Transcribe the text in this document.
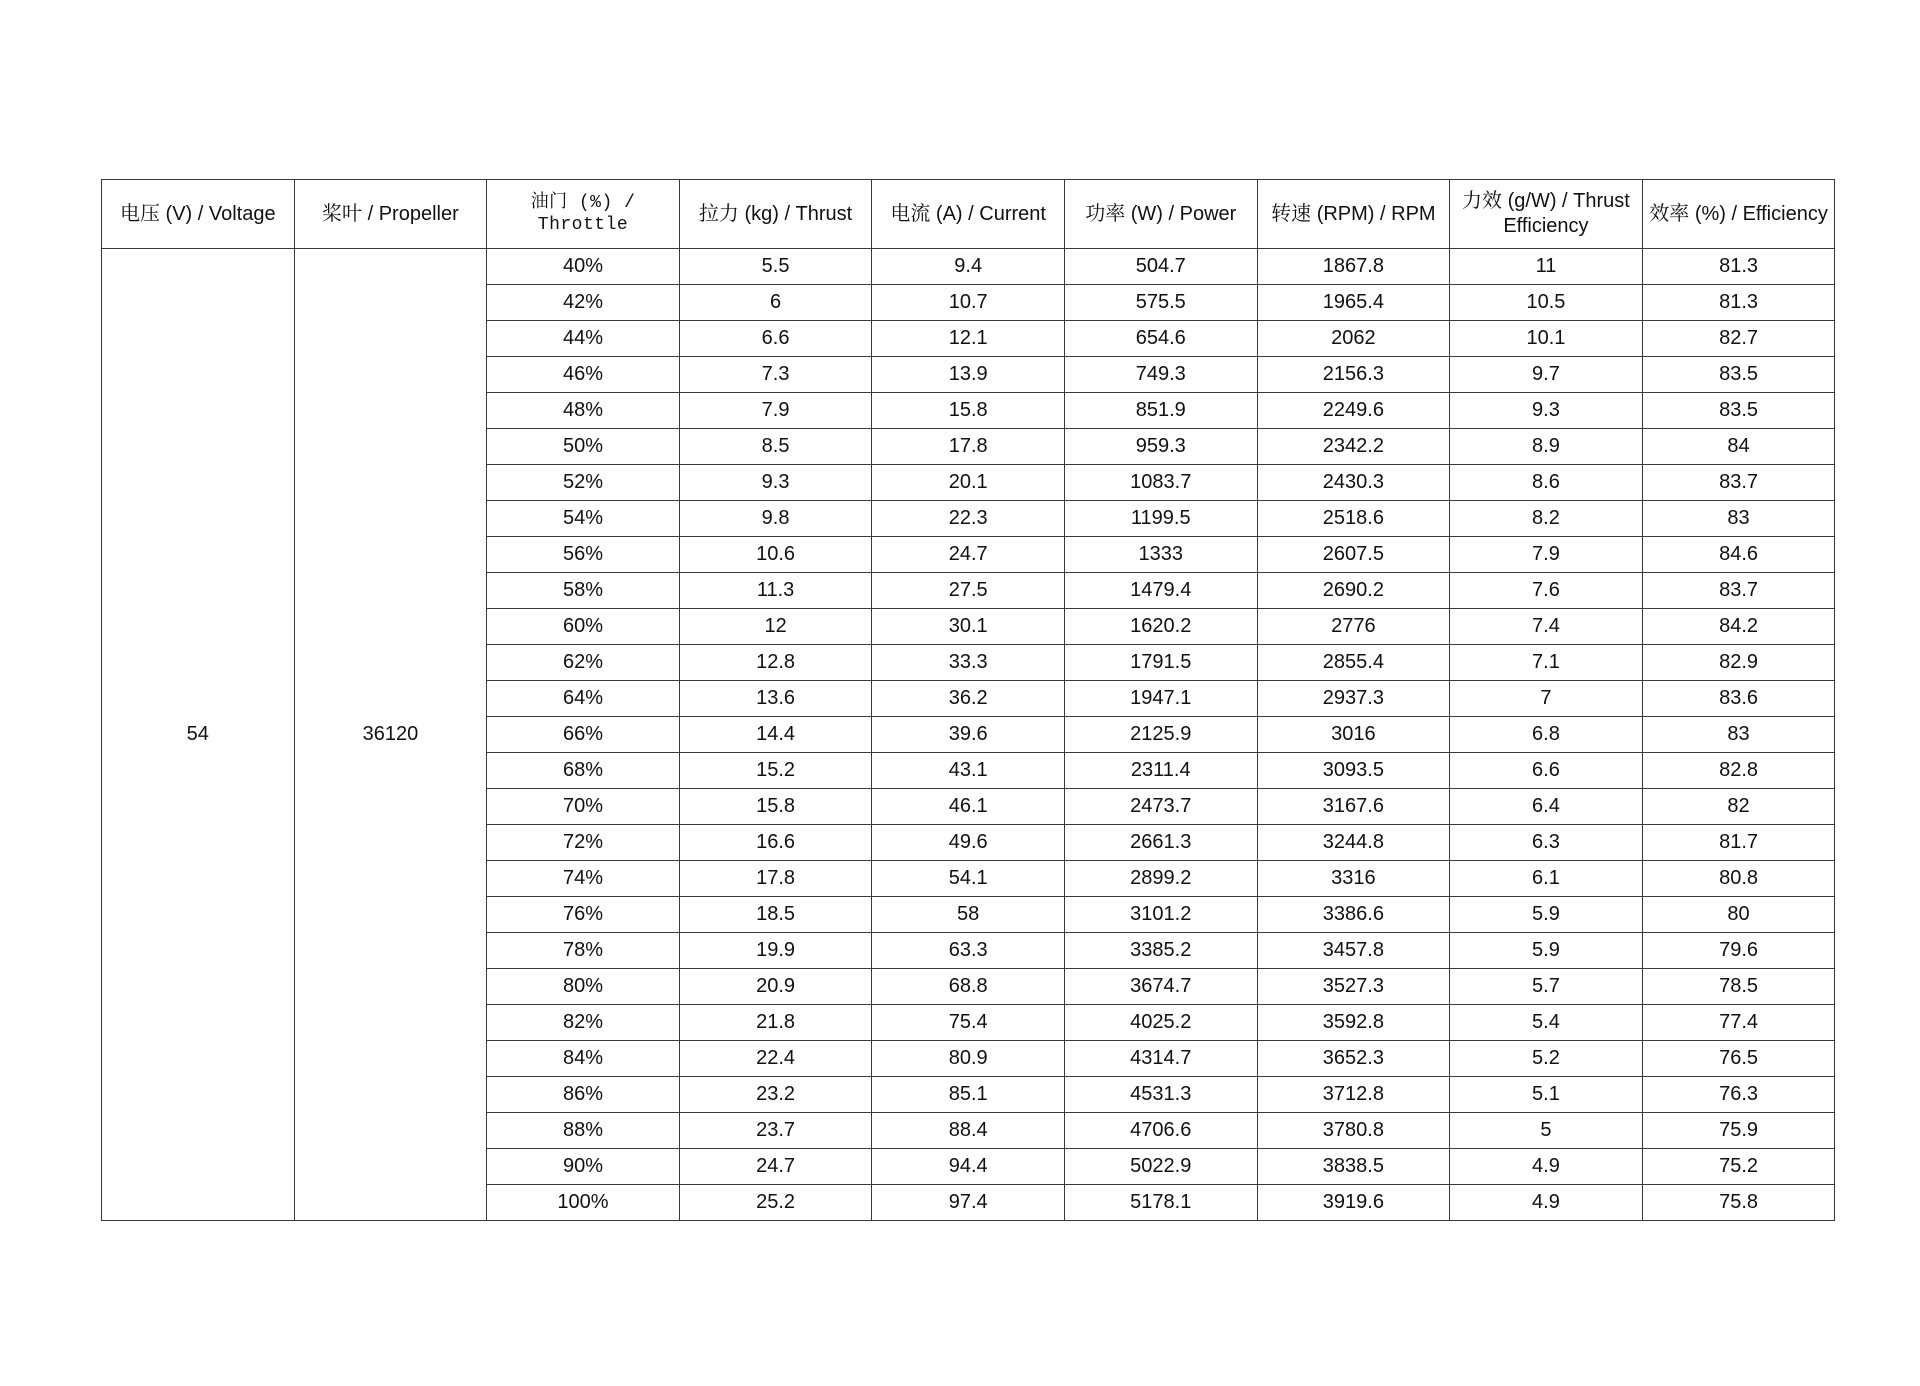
电压 (V) / Voltage	桨叶 / Propeller	油门 (%) / Throttle	拉力 (kg) / Thrust	电流 (A) / Current	功率 (W) / Power	转速 (RPM) / RPM	力效 (g/W) / Thrust Efficiency	效率 (%) / Efficiency
54	36120	40%	5.5	9.4	504.7	1867.8	11	81.3
		42%	6	10.7	575.5	1965.4	10.5	81.3
		44%	6.6	12.1	654.6	2062	10.1	82.7
		46%	7.3	13.9	749.3	2156.3	9.7	83.5
		48%	7.9	15.8	851.9	2249.6	9.3	83.5
		50%	8.5	17.8	959.3	2342.2	8.9	84
		52%	9.3	20.1	1083.7	2430.3	8.6	83.7
		54%	9.8	22.3	1199.5	2518.6	8.2	83
		56%	10.6	24.7	1333	2607.5	7.9	84.6
		58%	11.3	27.5	1479.4	2690.2	7.6	83.7
		60%	12	30.1	1620.2	2776	7.4	84.2
		62%	12.8	33.3	1791.5	2855.4	7.1	82.9
		64%	13.6	36.2	1947.1	2937.3	7	83.6
		66%	14.4	39.6	2125.9	3016	6.8	83
		68%	15.2	43.1	2311.4	3093.5	6.6	82.8
		70%	15.8	46.1	2473.7	3167.6	6.4	82
		72%	16.6	49.6	2661.3	3244.8	6.3	81.7
		74%	17.8	54.1	2899.2	3316	6.1	80.8
		76%	18.5	58	3101.2	3386.6	5.9	80
		78%	19.9	63.3	3385.2	3457.8	5.9	79.6
		80%	20.9	68.8	3674.7	3527.3	5.7	78.5
		82%	21.8	75.4	4025.2	3592.8	5.4	77.4
		84%	22.4	80.9	4314.7	3652.3	5.2	76.5
		86%	23.2	85.1	4531.3	3712.8	5.1	76.3
		88%	23.7	88.4	4706.6	3780.8	5	75.9
		90%	24.7	94.4	5022.9	3838.5	4.9	75.2
		100%	25.2	97.4	5178.1	3919.6	4.9	75.8
